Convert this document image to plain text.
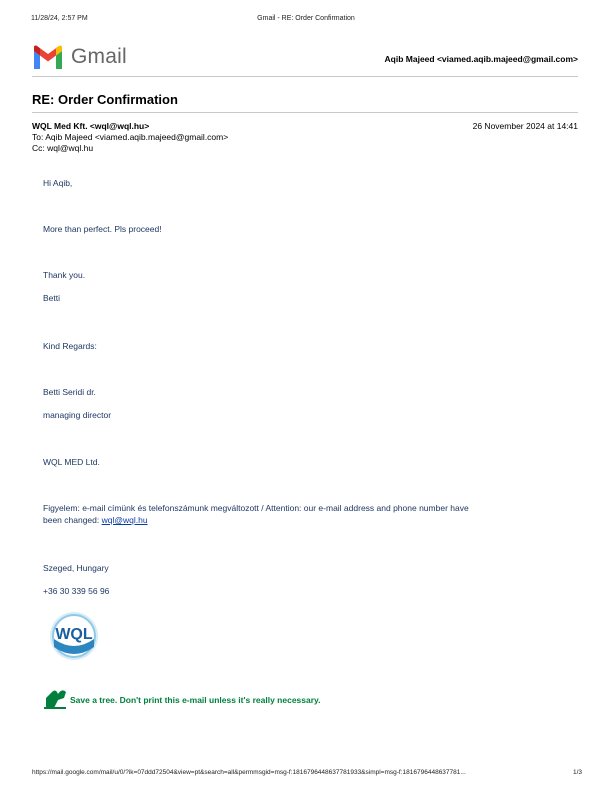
11/28/24, 2:57 PM	Gmail - RE: Order Confirmation
Gmail	Aqib Majeed <viamed.aqib.majeed@gmail.com>
RE: Order Confirmation
WQL Med Kft. <wql@wql.hu>	26 November 2024 at 14:41
To: Aqib Majeed <viamed.aqib.majeed@gmail.com>
Cc: wql@wql.hu
Hi Aqib,
More than perfect. Pls proceed!
Thank you.
Betti
Kind Regards:
Betti Seridi dr.
managing director
WQL MED Ltd.
Figyelem: e-mail címünk és telefonszámunk megváltozott / Attention: our e-mail address and phone number have
been changed: wql@wql.hu
Szeged, Hungary
+36 30 339 56 96
WQL
Save a tree. Don't print this e-mail unless it's really necessary.
https://mail.google.com/mail/u/0/?ik=07ddd72504&view=pt&search=all&permmsgid=msg-f:1816796448637781933&simpl=msg-f:1816796448637781...	1/3
